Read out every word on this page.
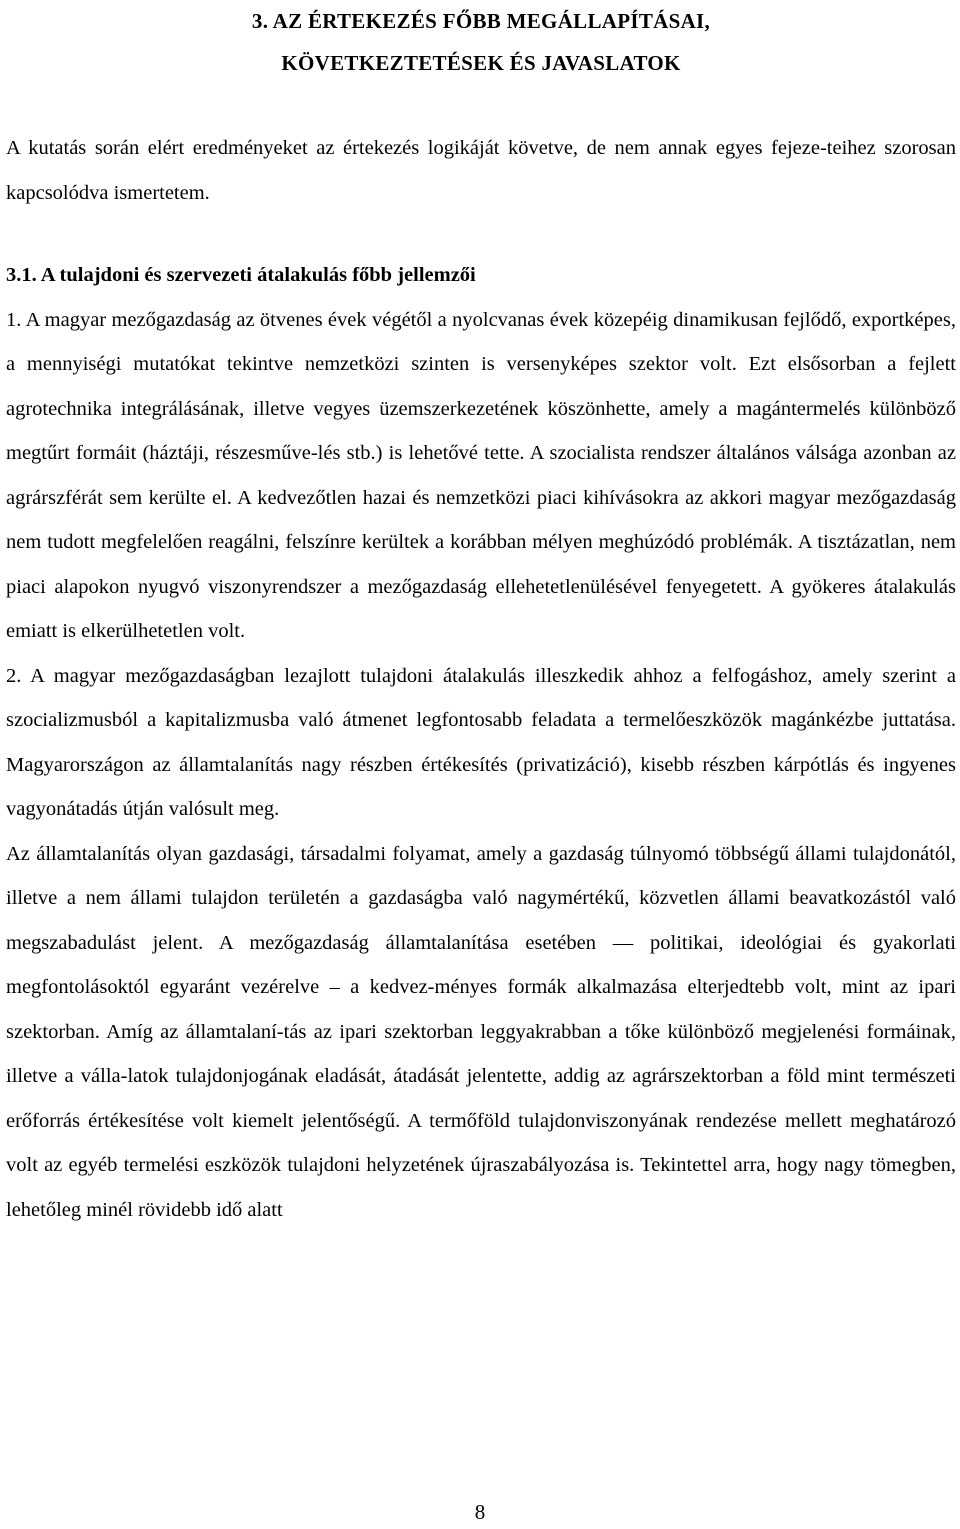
3. AZ ÉRTEKEZÉS FŐBB MEGÁLLAPÍTÁSAI,
KÖVETKEZTETÉSEK ÉS JAVASLATOK

A kutatás során elért eredményeket az értekezés logikáját követve, de nem annak egyes fejeze-teihez szorosan kapcsolódva ismertetem.

3.1. A tulajdoni és szervezeti átalakulás főbb jellemzői

1. A magyar mezőgazdaság az ötvenes évek végétől a nyolcvanas évek közepéig dinamikusan fejlődő, exportképes, a mennyiségi mutatókat tekintve nemzetközi szinten is versenyképes szektor volt. Ezt elsősorban a fejlett agrotechnika integrálásának, illetve vegyes üzemszerkezetének köszönhette, amely a magántermelés különböző megtűrt formáit (háztáji, részesműve-lés stb.) is lehetővé tette. A szocialista rendszer általános válsága azonban az agrárszférát sem kerülte el. A kedvezőtlen hazai és nemzetközi piaci kihívásokra az akkori magyar mezőgazdaság nem tudott megfelelően reagálni, felszínre kerültek a korábban mélyen meghúzódó problémák. A tisztázatlan, nem piaci alapokon nyugvó viszonyrendszer a mezőgazdaság ellehetetlenülésével fenyegetett. A gyökeres átalakulás emiatt is elkerülhetetlen volt.

2. A magyar mezőgazdaságban lezajlott tulajdoni átalakulás illeszkedik ahhoz a felfogáshoz, amely szerint a szocializmusból a kapitalizmusba való átmenet legfontosabb feladata a termelőeszközök magánkézbe juttatása. Magyarországon az államtalanítás nagy részben értékesítés (privatizáció), kisebb részben kárpótlás és ingyenes vagyonátadás útján valósult meg.

Az államtalanítás olyan gazdasági, társadalmi folyamat, amely a gazdaság túlnyomó többségű állami tulajdonától, illetve a nem állami tulajdon területén a gazdaságba való nagymértékű, közvetlen állami beavatkozástól való megszabadulást jelent. A mezőgazdaság államtalanítása esetében — politikai, ideológiai és gyakorlati megfontolásoktól egyaránt vezérelve – a kedvez-ményes formák alkalmazása elterjedtebb volt, mint az ipari szektorban. Amíg az államtalaní-tás az ipari szektorban leggyakrabban a tőke különböző megjelenési formáinak, illetve a válla-latok tulajdonjogának eladását, átadását jelentette, addig az agrárszektorban a föld mint természeti erőforrás értékesítése volt kiemelt jelentőségű. A termőföld tulajdonviszonyának rendezése mellett meghatározó volt az egyéb termelési eszközök tulajdoni helyzetének újraszabályozása is. Tekintettel arra, hogy nagy tömegben, lehetőleg minél rövidebb idő alatt

8
